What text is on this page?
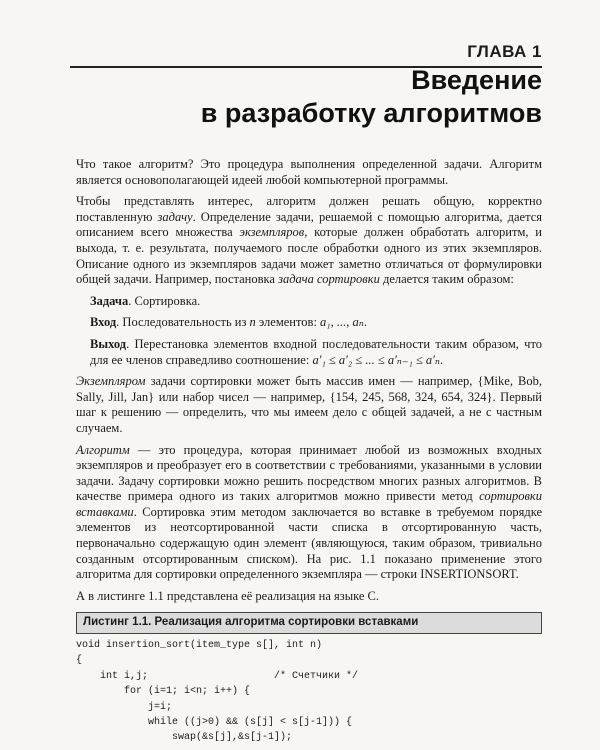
ГЛАВА 1
Введение
в разработку алгоритмов

Что такое алгоритм? Это процедура выполнения определенной задачи. Алгоритм является основополагающей идеей любой компьютерной программы.

Чтобы представлять интерес, алгоритм должен решать общую, корректно поставленную задачу. Определение задачи, решаемой с помощью алгоритма, дается описанием всего множества экземпляров, которые должен обработать алгоритм, и выхода, т. е. результата, получаемого после обработки одного из этих экземпляров. Описание одного из экземпляров задачи может заметно отличаться от формулировки общей задачи. Например, постановка задача сортировки делается таким образом:

Задача. Сортировка.

Вход. Последовательность из n элементов: a₁, ..., aₙ.

Выход. Перестановка элементов входной последовательности таким образом, что для ее членов справедливо соотношение: a′₁ ≤ a′₂ ≤ ... ≤ a′ₙ₋₁ ≤ a′ₙ.

Экземпляром задачи сортировки может быть массив имен — например, {Mike, Bob, Sally, Jill, Jan} или набор чисел — например, {154, 245, 568, 324, 654, 324}. Первый шаг к решению — определить, что мы имеем дело с общей задачей, а не с частным случаем.

Алгоритм — это процедура, которая принимает любой из возможных входных экземпляров и преобразует его в соответствии с требованиями, указанными в условии задачи. Задачу сортировки можно решить посредством многих разных алгоритмов. В качестве примера одного из таких алгоритмов можно привести метод сортировки вставками. Сортировка этим методом заключается во вставке в требуемом порядке элементов из неотсортированной части списка в отсортированную часть, первоначально содержащую один элемент (являющуюся, таким образом, тривиально созданным отсортированным списком). На рис. 1.1 показано применение этого алгоритма для сортировки определенного экземпляра — строки INSERTIONSORT.

А в листинге 1.1 представлена её реализация на языке С.

Листинг 1.1. Реализация алгоритма сортировки вставками
void insertion_sort(item_type s[], int n)
{
int i,j;                     /* Счетчики */
for (i=1; i<n; i++) {
j=i;
while ((j>0) && (s[j] < s[j-1])) {
swap(&s[j],&s[j-1]);
